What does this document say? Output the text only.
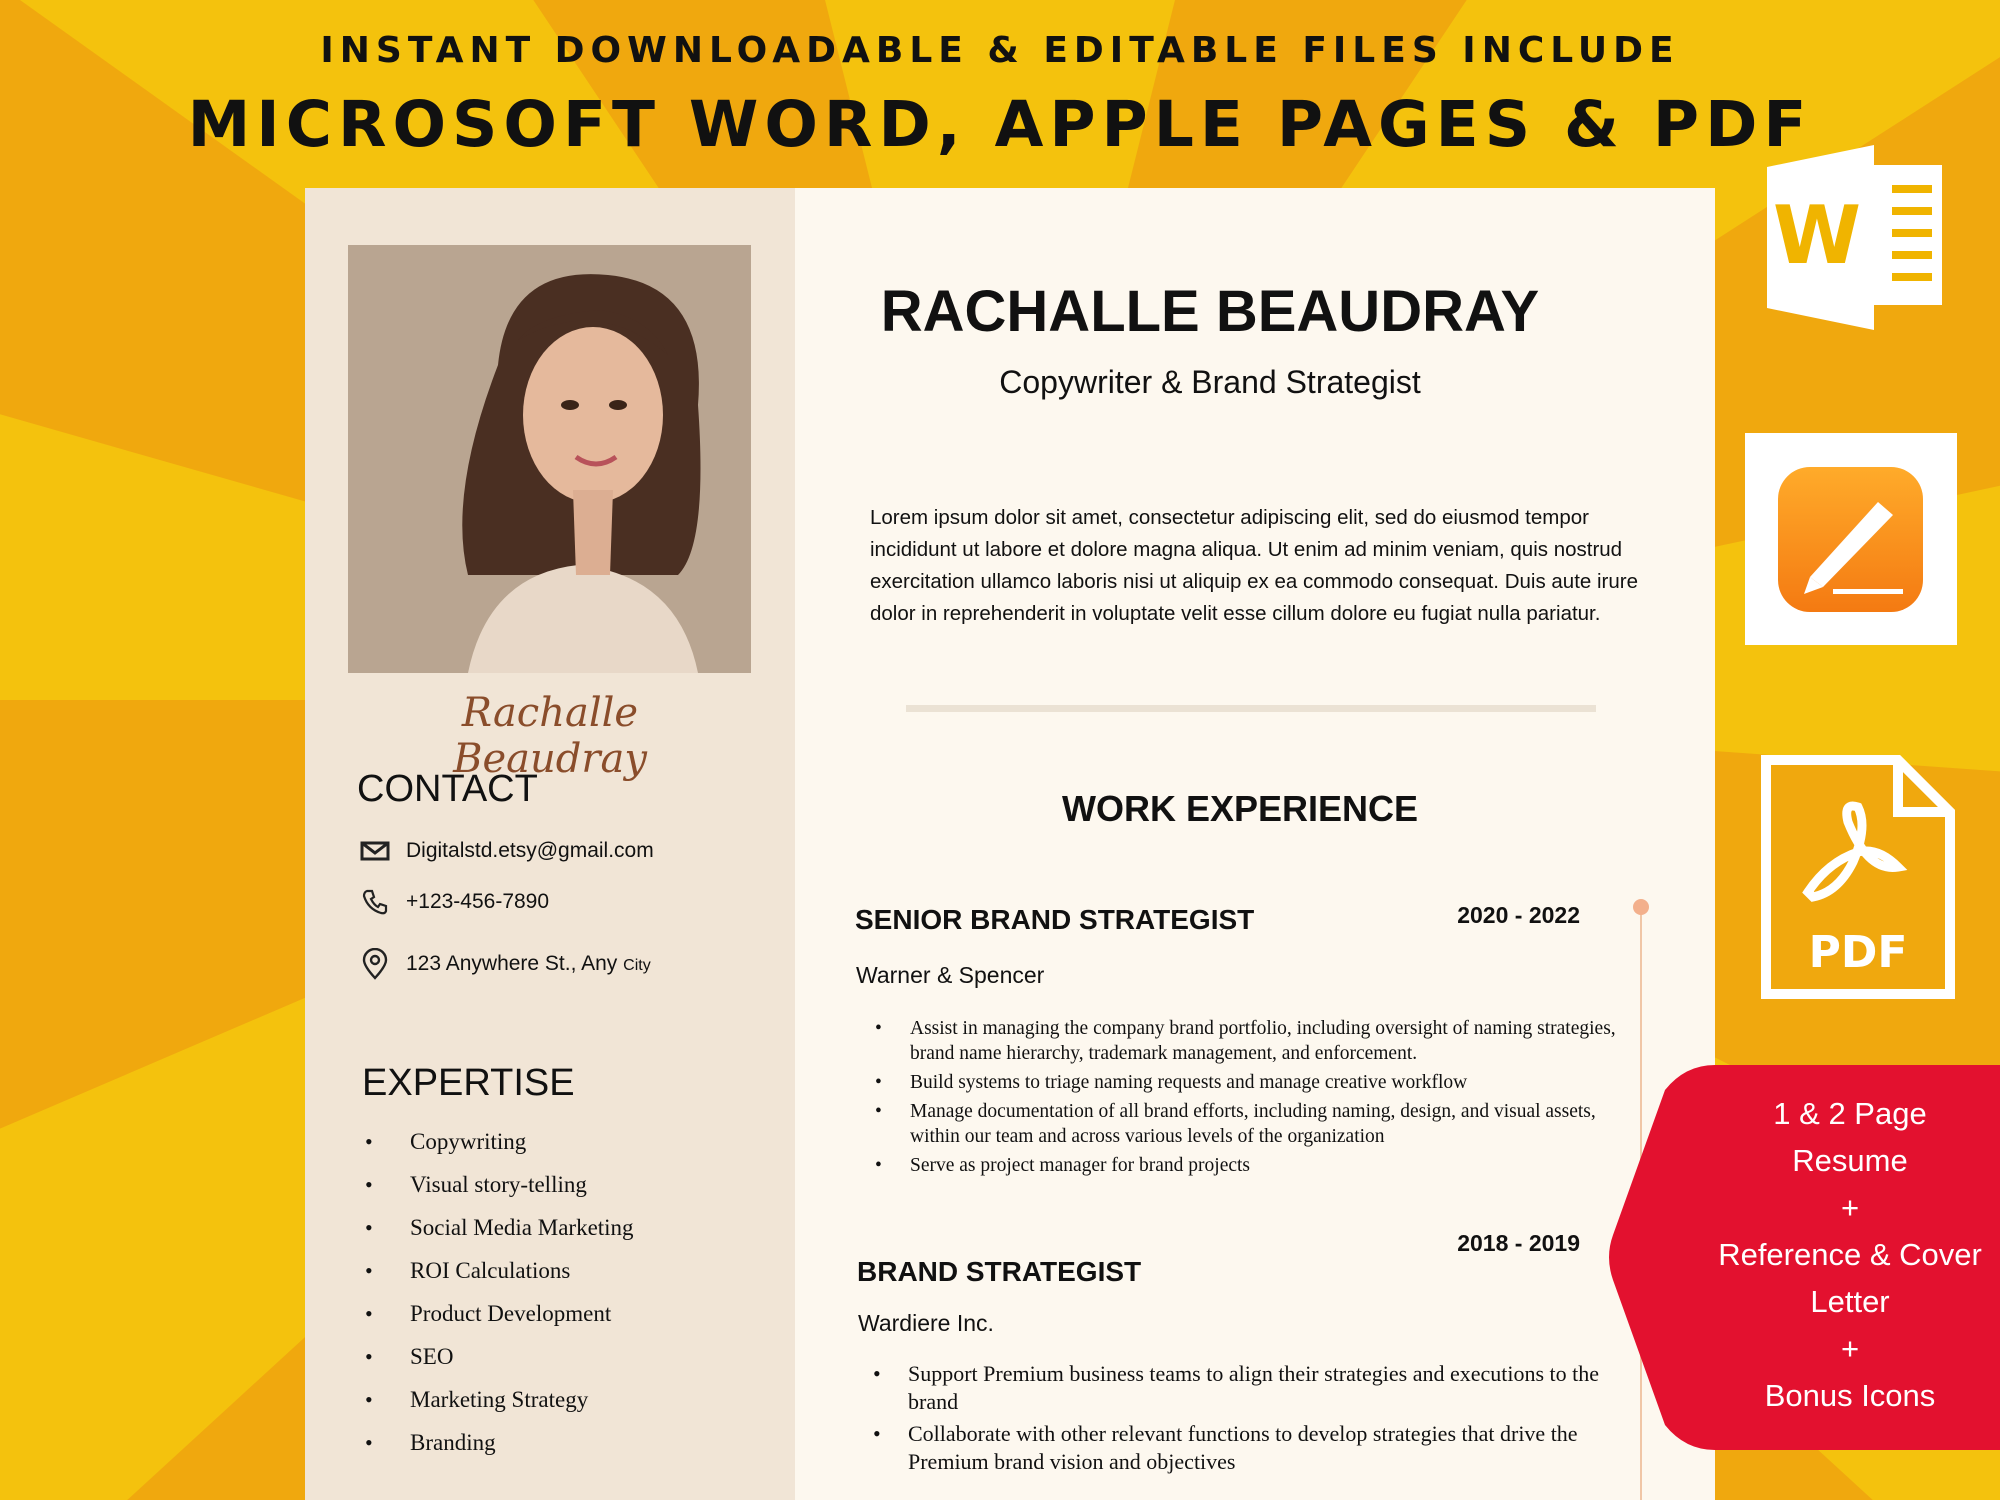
INSTANT DOWNLOADABLE & EDITABLE FILES INCLUDE
MICROSOFT WORD, APPLE PAGES & PDF
Rachalle Beaudray
CONTACT
Digitalstd.etsy@gmail.com
+123-456-7890
123 Anywhere St., Any City
EXPERTISE
• Copywriting
• Visual story-telling
• Social Media Marketing
• ROI Calculations
• Product Development
• SEO
• Marketing Strategy
• Branding
RACHALLE BEAUDRAY
Copywriter & Brand Strategist
Lorem ipsum dolor sit amet, consectetur adipiscing elit, sed do eiusmod tempor incididunt ut labore et dolore magna aliqua. Ut enim ad minim veniam, quis nostrud exercitation ullamco laboris nisi ut aliquip ex ea commodo consequat. Duis aute irure dolor in reprehenderit in voluptate velit esse cillum dolore eu fugiat nulla pariatur.
WORK EXPERIENCE
SENIOR BRAND STRATEGIST	2020 - 2022
Warner & Spencer
• Assist in managing the company brand portfolio, including oversight of naming strategies, brand name hierarchy, trademark management, and enforcement.
• Build systems to triage naming requests and manage creative workflow
• Manage documentation of all brand efforts, including naming, design, and visual assets, within our team and across various levels of the organization
• Serve as project manager for brand projects
2018 - 2019
BRAND STRATEGIST
Wardiere Inc.
• Support Premium business teams to align their strategies and executions to the brand
• Collaborate with other relevant functions to develop strategies that drive the Premium brand vision and objectives
W
PDF
1 & 2 Page
Resume
+
Reference & Cover
Letter
+
Bonus Icons
